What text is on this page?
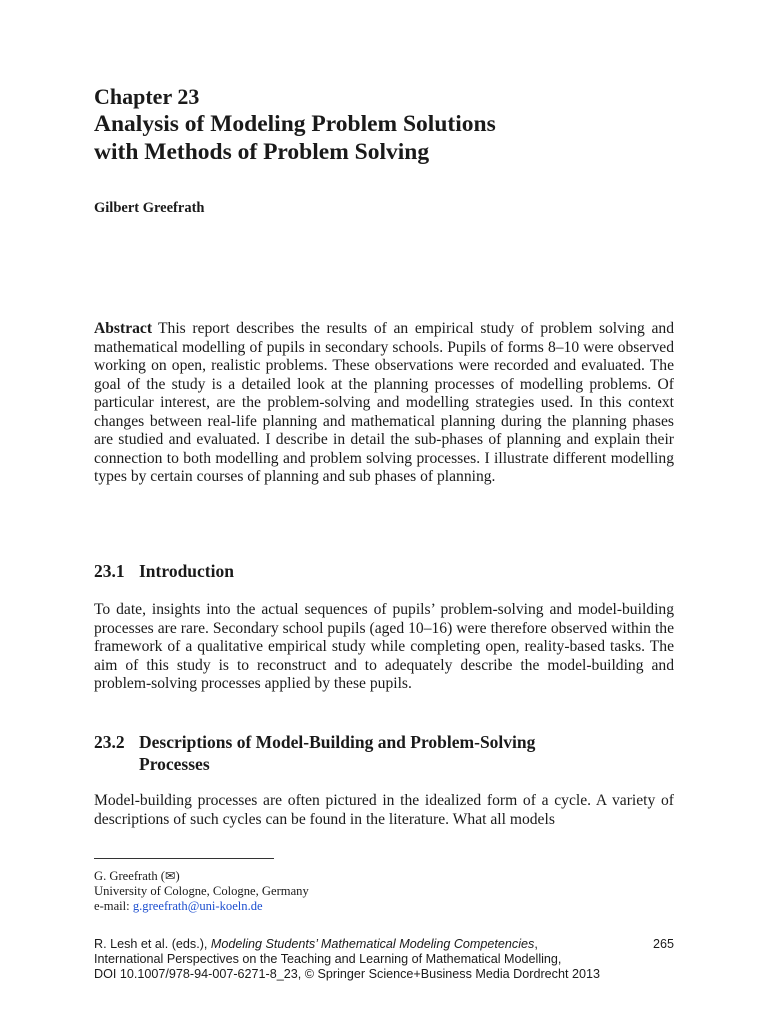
Chapter 23
Analysis of Modeling Problem Solutions
with Methods of Problem Solving
Gilbert Greefrath
Abstract This report describes the results of an empirical study of problem solving and mathematical modelling of pupils in secondary schools. Pupils of forms 8–10 were observed working on open, realistic problems. These observations were recorded and evaluated. The goal of the study is a detailed look at the planning processes of modelling problems. Of particular interest, are the problem-solving and modelling strategies used. In this context changes between real-life planning and mathematical planning during the planning phases are studied and evaluated. I describe in detail the sub-phases of planning and explain their connection to both modelling and problem solving processes. I illustrate different modelling types by certain courses of planning and sub phases of planning.
23.1 Introduction
To date, insights into the actual sequences of pupils’ problem-solving and model-building processes are rare. Secondary school pupils (aged 10–16) were therefore observed within the framework of a qualitative empirical study while completing open, reality-based tasks. The aim of this study is to reconstruct and to adequately describe the model-building and problem-solving processes applied by these pupils.
23.2 Descriptions of Model-Building and Problem-Solving
Processes
Model-building processes are often pictured in the idealized form of a cycle. A variety of descriptions of such cycles can be found in the literature. What all models
G. Greefrath (✉)
University of Cologne, Cologne, Germany
e-mail: g.greefrath@uni-koeln.de
R. Lesh et al. (eds.), Modeling Students’ Mathematical Modeling Competencies,
International Perspectives on the Teaching and Learning of Mathematical Modelling,
DOI 10.1007/978-94-007-6271-8_23, © Springer Science+Business Media Dordrecht 2013
265
